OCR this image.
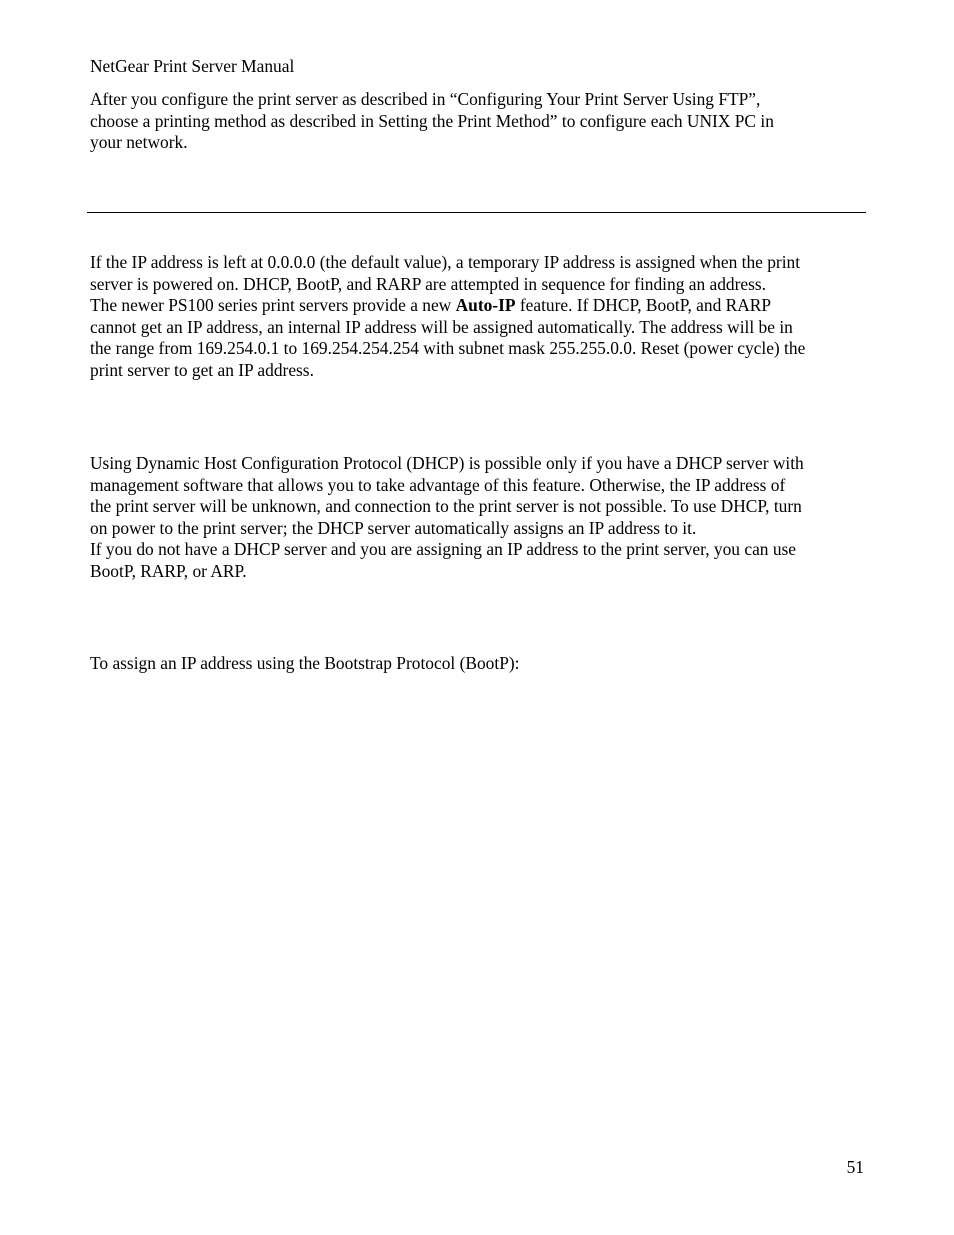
NetGear Print Server Manual
After you configure the print server as described in “Configuring Your Print Server Using FTP”,
choose a printing method as described in Setting the Print Method” to configure each UNIX PC in
your network.
If the IP address is left at 0.0.0.0 (the default value), a temporary IP address is assigned when the print
server is powered on. DHCP, BootP, and RARP are attempted in sequence for finding an address.
The newer PS100 series print servers provide a new Auto-IP feature. If DHCP, BootP, and RARP
cannot get an IP address, an internal IP address will be assigned automatically. The address will be in
the range from 169.254.0.1 to 169.254.254.254 with subnet mask 255.255.0.0. Reset (power cycle) the
print server to get an IP address.
Using Dynamic Host Configuration Protocol (DHCP) is possible only if you have a DHCP server with
management software that allows you to take advantage of this feature. Otherwise, the IP address of
the print server will be unknown, and connection to the print server is not possible. To use DHCP, turn
on power to the print server; the DHCP server automatically assigns an IP address to it.
If you do not have a DHCP server and you are assigning an IP address to the print server, you can use
BootP, RARP, or ARP.
To assign an IP address using the Bootstrap Protocol (BootP):
51
